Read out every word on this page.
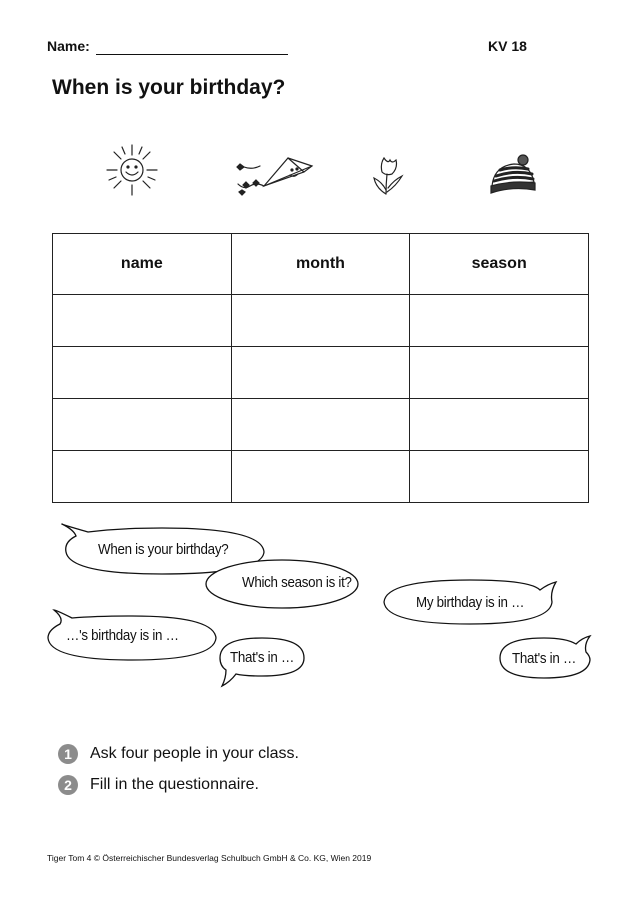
Name:	KV 18
When is your birthday?
name	month	season

When is your birthday?
Which season is it?
My birthday is in …
…'s birthday is in …
That's in …	That's in …
1	Ask four people in your class.
2	Fill in the questionnaire.
Tiger Tom 4 © Österreichischer Bundesverlag Schulbuch GmbH & Co. KG, Wien 2019
